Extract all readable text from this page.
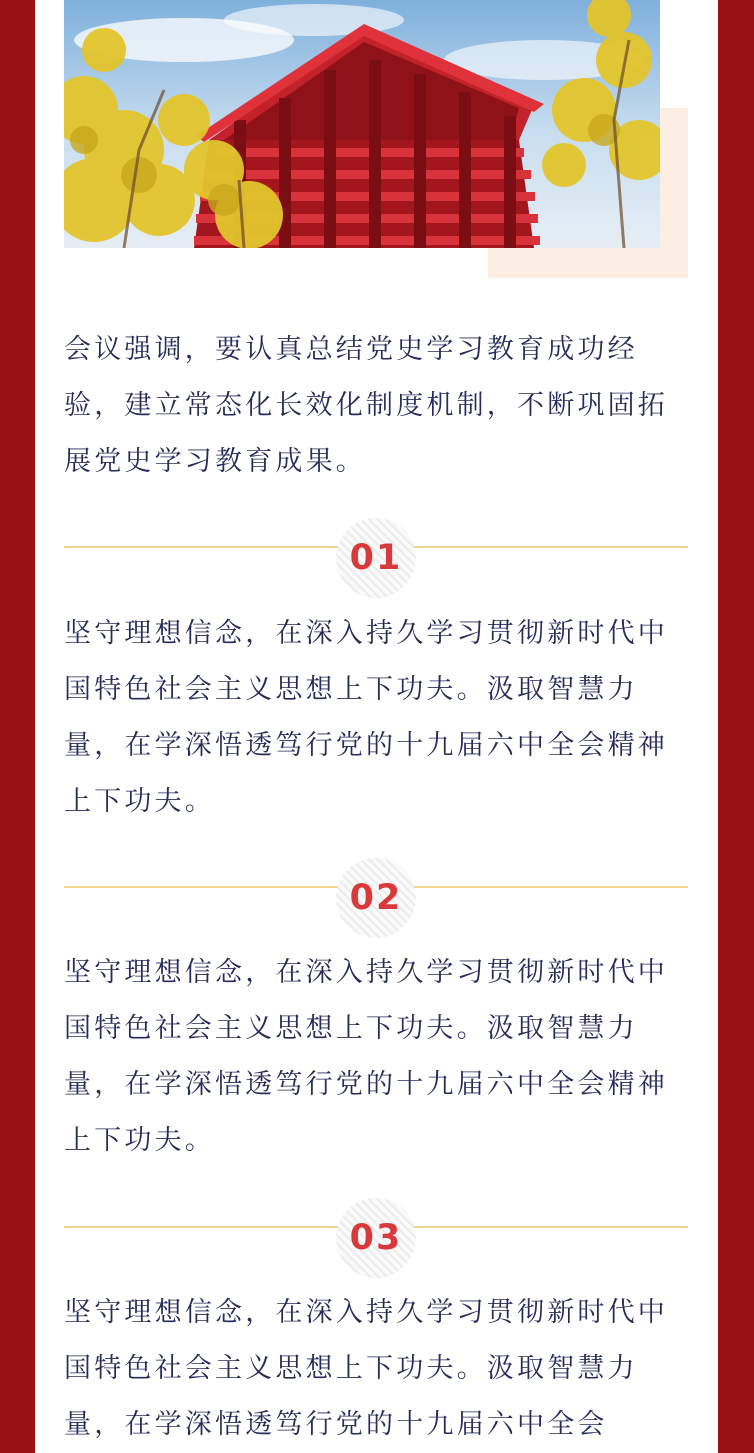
会议强调，要认真总结党史学习教育成功经验，建立常态化长效化制度机制，不断巩固拓展党史学习教育成果。

01

坚守理想信念，在深入持久学习贯彻新时代中国特色社会主义思想上下功夫。汲取智慧力量，在学深悟透笃行党的十九届六中全会精神上下功夫。

02

坚守理想信念，在深入持久学习贯彻新时代中国特色社会主义思想上下功夫。汲取智慧力量，在学深悟透笃行党的十九届六中全会精神上下功夫。

03

坚守理想信念，在深入持久学习贯彻新时代中国特色社会主义思想上下功夫。汲取智慧力量，在学深悟透笃行党的十九届六中全会
